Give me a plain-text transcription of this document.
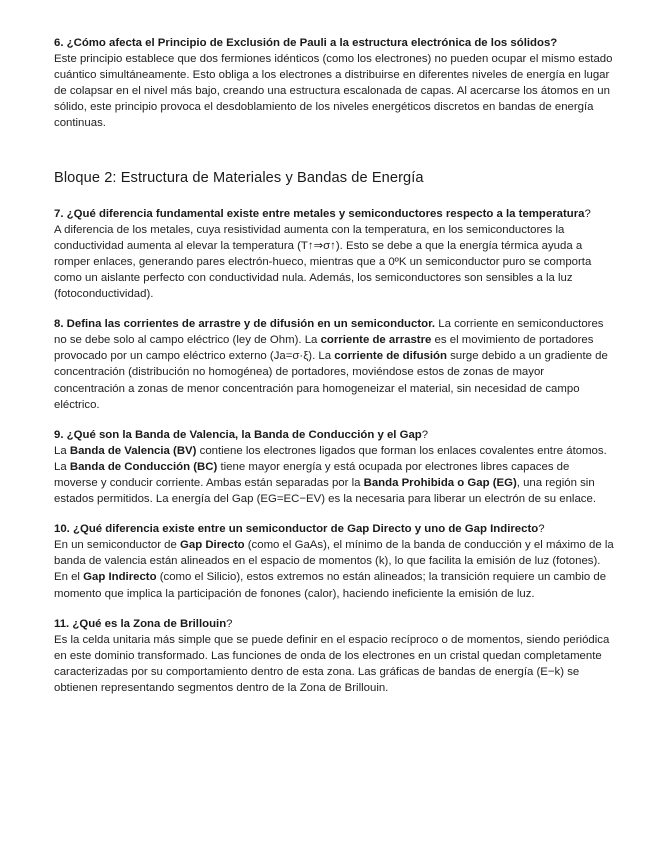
6. ¿Cómo afecta el Principio de Exclusión de Pauli a la estructura electrónica de los sólidos?
Este principio establece que dos fermiones idénticos (como los electrones) no pueden ocupar el mismo estado cuántico simultáneamente. Esto obliga a los electrones a distribuirse en diferentes niveles de energía en lugar de colapsar en el nivel más bajo, creando una estructura escalonada de capas. Al acercarse los átomos en un sólido, este principio provoca el desdoblamiento de los niveles energéticos discretos en bandas de energía continuas.

Bloque 2: Estructura de Materiales y Bandas de Energía

7. ¿Qué diferencia fundamental existe entre metales y semiconductores respecto a la temperatura?
A diferencia de los metales, cuya resistividad aumenta con la temperatura, en los semiconductores la conductividad aumenta al elevar la temperatura (T↑⇒σ↑). Esto se debe a que la energía térmica ayuda a romper enlaces, generando pares electrón-hueco, mientras que a 0ºK un semiconductor puro se comporta como un aislante perfecto con conductividad nula. Además, los semiconductores son sensibles a la luz (fotoconductividad).

8. Defina las corrientes de arrastre y de difusión en un semiconductor. La corriente en semiconductores no se debe solo al campo eléctrico (ley de Ohm). La corriente de arrastre es el movimiento de portadores provocado por un campo eléctrico externo (Ja=σ·ξ). La corriente de difusión surge debido a un gradiente de concentración (distribución no homogénea) de portadores, moviéndose estos de zonas de mayor concentración a zonas de menor concentración para homogeneizar el material, sin necesidad de campo eléctrico.

9. ¿Qué son la Banda de Valencia, la Banda de Conducción y el Gap?
La Banda de Valencia (BV) contiene los electrones ligados que forman los enlaces covalentes entre átomos. La Banda de Conducción (BC) tiene mayor energía y está ocupada por electrones libres capaces de moverse y conducir corriente. Ambas están separadas por la Banda Prohibida o Gap (EG), una región sin estados permitidos. La energía del Gap (EG=EC−EV) es la necesaria para liberar un electrón de su enlace.

10. ¿Qué diferencia existe entre un semiconductor de Gap Directo y uno de Gap Indirecto?
En un semiconductor de Gap Directo (como el GaAs), el mínimo de la banda de conducción y el máximo de la banda de valencia están alineados en el espacio de momentos (k), lo que facilita la emisión de luz (fotones). En el Gap Indirecto (como el Silicio), estos extremos no están alineados; la transición requiere un cambio de momento que implica la participación de fonones (calor), haciendo ineficiente la emisión de luz.

11. ¿Qué es la Zona de Brillouin?
Es la celda unitaria más simple que se puede definir en el espacio recíproco o de momentos, siendo periódica en este dominio transformado. Las funciones de onda de los electrones en un cristal quedan completamente caracterizadas por su comportamiento dentro de esta zona. Las gráficas de bandas de energía (E−k) se obtienen representando segmentos dentro de la Zona de Brillouin.
